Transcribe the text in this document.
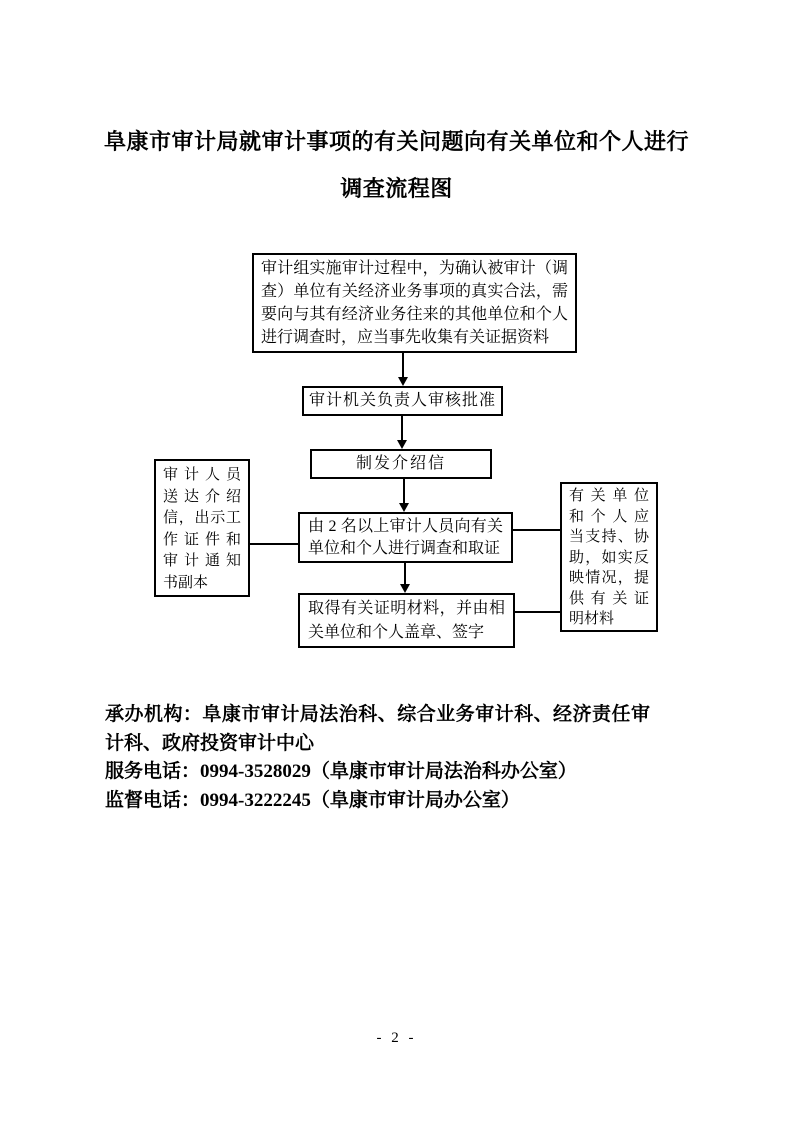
阜康市审计局就审计事项的有关问题向有关单位和个人进行调查流程图
审计组实施审计过程中，为确认被审计（调查）单位有关经济业务事项的真实合法，需要向与其有经济业务往来的其他单位和个人进行调查时，应当事先收集有关证据资料
审计机关负责人审核批准
制发介绍信
由 2 名以上审计人员向有关单位和个人进行调查和取证
取得有关证明材料，并由相关单位和个人盖章、签字
审计人员
送达介绍
信，出示工
作证件和
审计通知
书副本
有关单位
和个人应
当支持、协
助，如实反
映情况，提
供有关证
明材料

承办机构：阜康市审计局法治科、综合业务审计科、经济责任审计科、政府投资审计中心

服务电话：0994-3528029（阜康市审计局法治科办公室）

监督电话：0994-3222245（阜康市审计局办公室）

- 2 -
